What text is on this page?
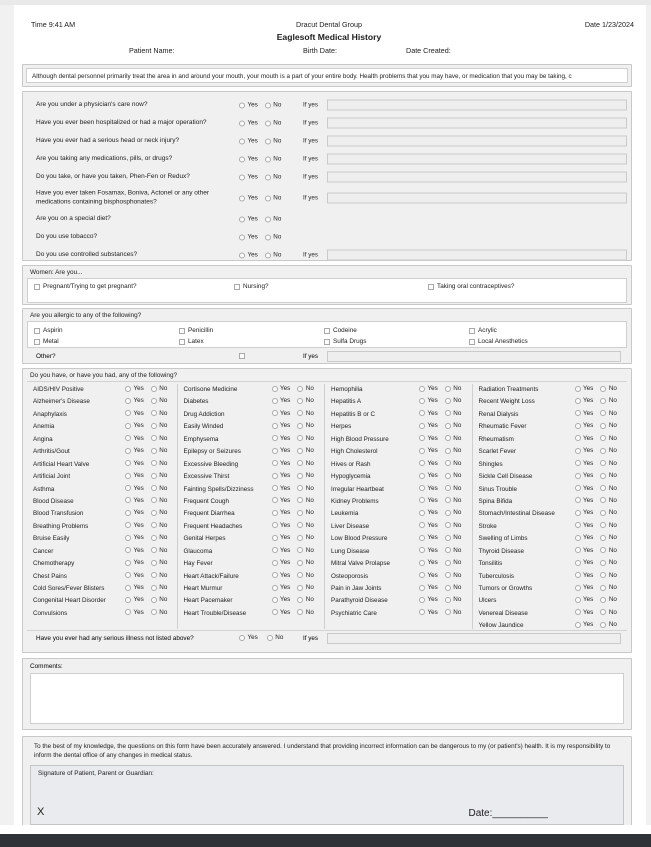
Time 9:41 AM	Dracut Dental Group	Date 1/23/2024
Eaglesoft Medical History
Patient Name:	Birth Date:	Date Created:
Although dental personnel primarily treat the area in and around your mouth, your mouth is a part of your entire body. Health problems that you may have, or medication that you may be taking, c
Are you under a physician's care now?	Yes No	If yes
Have you ever been hospitalized or had a major operation?	Yes No	If yes
Have you ever had a serious head or neck injury?	Yes No	If yes
Are you taking any medications, pills, or drugs?	Yes No	If yes
Do you take, or have you taken, Phen-Fen or Redux?	Yes No	If yes
Have you ever taken Fosamax, Boniva, Actonel or any other medications containing bisphosphonates?	Yes No	If yes
Are you on a special diet?	Yes No
Do you use tobacco?	Yes No
Do you use controlled substances?	Yes No	If yes
Women: Are you...
Pregnant/Trying to get pregnant?	Nursing?	Taking oral contraceptives?
Are you allergic to any of the following?
Aspirin	Penicillin	Codeine	Acrylic
Metal	Latex	Sulfa Drugs	Local Anesthetics
Other?	If yes
Do you have, or have you had, any of the following?
AIDS/HIV Positive	Yes No
Alzheimer's Disease	Yes No
Anaphylaxis	Yes No
Anemia	Yes No
Angina	Yes No
Arthritis/Gout	Yes No
Artificial Heart Valve	Yes No
Artificial Joint	Yes No
Asthma	Yes No
Blood Disease	Yes No
Blood Transfusion	Yes No
Breathing Problems	Yes No
Bruise Easily	Yes No
Cancer	Yes No
Chemotherapy	Yes No
Chest Pains	Yes No
Cold Sores/Fever Blisters	Yes No
Congenital Heart Disorder	Yes No
Convulsions	Yes No
Cortisone Medicine	Yes No
Diabetes	Yes No
Drug Addiction	Yes No
Easily Winded	Yes No
Emphysema	Yes No
Epilepsy or Seizures	Yes No
Excessive Bleeding	Yes No
Excessive Thirst	Yes No
Fainting Spells/Dizziness	Yes No
Frequent Cough	Yes No
Frequent Diarrhea	Yes No
Frequent Headaches	Yes No
Genital Herpes	Yes No
Glaucoma	Yes No
Hay Fever	Yes No
Heart Attack/Failure	Yes No
Heart Murmur	Yes No
Heart Pacemaker	Yes No
Heart Trouble/Disease	Yes No
Hemophilia	Yes No
Hepatitis A	Yes No
Hepatitis B or C	Yes No
Herpes	Yes No
High Blood Pressure	Yes No
High Cholesterol	Yes No
Hives or Rash	Yes No
Hypoglycemia	Yes No
Irregular Heartbeat	Yes No
Kidney Problems	Yes No
Leukemia	Yes No
Liver Disease	Yes No
Low Blood Pressure	Yes No
Lung Disease	Yes No
Mitral Valve Prolapse	Yes No
Osteoporosis	Yes No
Pain in Jaw Joints	Yes No
Parathyroid Disease	Yes No
Psychiatric Care	Yes No
Radiation Treatments	Yes No
Recent Weight Loss	Yes No
Renal Dialysis	Yes No
Rheumatic Fever	Yes No
Rheumatism	Yes No
Scarlet Fever	Yes No
Shingles	Yes No
Sickle Cell Disease	Yes No
Sinus Trouble	Yes No
Spina Bifida	Yes No
Stomach/Intestinal Disease	Yes No
Stroke	Yes No
Swelling of Limbs	Yes No
Thyroid Disease	Yes No
Tonsilitis	Yes No
Tuberculosis	Yes No
Tumors or Growths	Yes No
Ulcers	Yes No
Venereal Disease	Yes No
Yellow Jaundice	Yes No
Have you ever had any serious illness not listed above?	Yes	No	If yes
Comments:
To the best of my knowledge, the questions on this form have been accurately answered. I understand that providing incorrect information can be dangerous to my (or patient's) health. It is my responsibility to inform the dental office of any changes in medical status.
Signature of Patient, Parent or Guardian:
X	Date:__________
